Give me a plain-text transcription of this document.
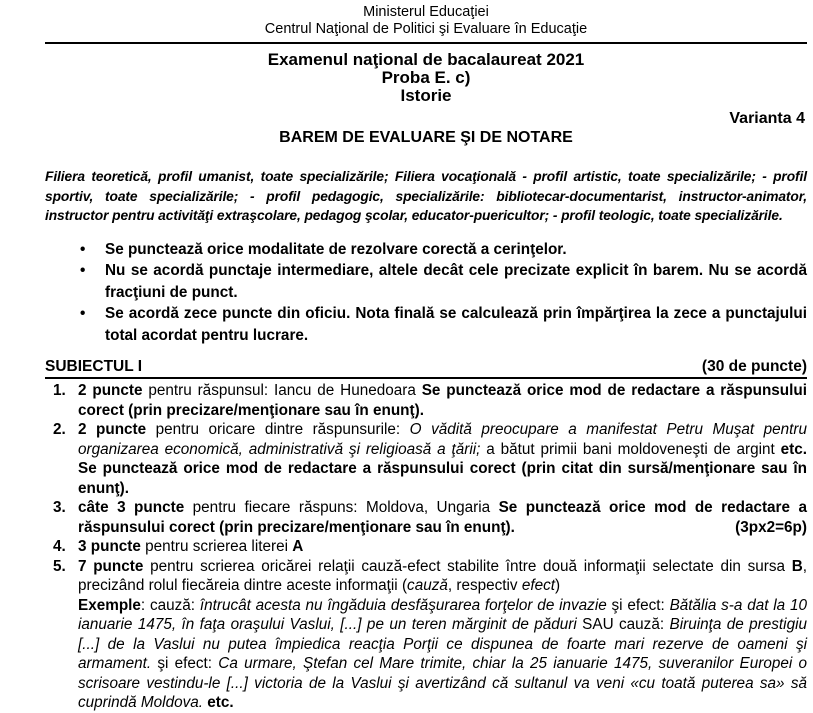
Ministerul Educaţiei
Centrul Naţional de Politici şi Evaluare în Educaţie
Examenul naţional de bacalaureat 2021
Proba E. c)
Istorie
Varianta 4
BAREM DE EVALUARE ŞI DE NOTARE
Filiera teoretică, profil umanist, toate specializările; Filiera vocaţională - profil artistic, toate specializările; - profil sportiv, toate specializările; - profil pedagogic, specializările: bibliotecar-documentarist, instructor-animator, instructor pentru activităţi extraşcolare, pedagog şcolar, educator-puericultor; - profil teologic, toate specializările.
•	Se punctează orice modalitate de rezolvare corectă a cerinţelor.
•	Nu se acordă punctaje intermediare, altele decât cele precizate explicit în barem. Nu se acordă fracţiuni de punct.
•	Se acordă zece puncte din oficiu. Nota finală se calculează prin împărţirea la zece a punctajului total acordat pentru lucrare.
SUBIECTUL I	(30 de puncte)
1. 2 puncte pentru răspunsul: Iancu de Hunedoara Se punctează orice mod de redactare a răspunsului corect (prin precizare/menţionare sau în enunţ).
2. 2 puncte pentru oricare dintre răspunsurile: O vădită preocupare a manifestat Petru Muşat pentru organizarea economică, administrativă şi religioasă a ţării; a bătut primii bani moldoveneşti de argint etc. Se punctează orice mod de redactare a răspunsului corect (prin citat din sursă/menţionare sau în enunţ).
3.
(3px2=6p)
câte 3 puncte pentru fiecare răspuns: Moldova, Ungaria Se punctează orice mod de redactare a răspunsului corect (prin precizare/menţionare sau în enunţ).
4. 3 puncte pentru scrierea literei A
5. 7 puncte pentru scrierea oricărei relaţii cauză-efect stabilite între două informaţii selectate din sursa B, precizând rolul fiecăreia dintre aceste informaţii (cauză, respectiv efect)
Exemple: cauză: întrucât acesta nu îngăduia desfăşurarea forţelor de invazie şi efect: Bătălia s-a dat la 10 ianuarie 1475, în faţa oraşului Vaslui, [...] pe un teren mărginit de păduri SAU cauză: Biruinţa de prestigiu [...] de la Vaslui nu putea împiedica reacţia Porţii ce dispunea de foarte mari rezerve de oameni şi armament. şi efect: Ca urmare, Ştefan cel Mare trimite, chiar la 25 ianuarie 1475, suveranilor Europei o scrisoare vestindu-le [...] victoria de la Vaslui şi avertizând că sultanul va veni «cu toată puterea sa» să cuprindă Moldova. etc.
